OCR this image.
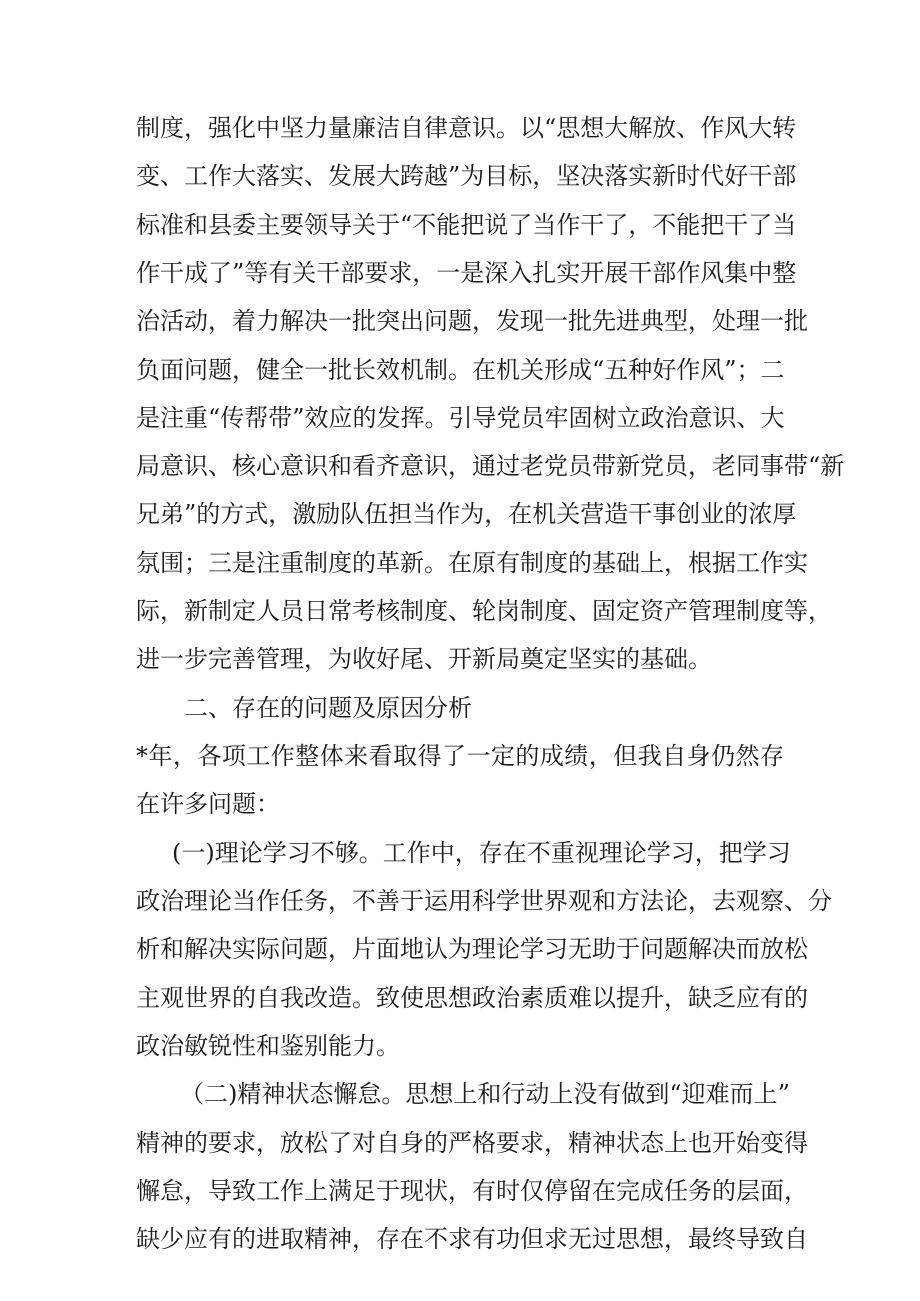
制度，强化中坚力量廉洁自律意识。以“思想大解放、作风大转
变、工作大落实、发展大跨越”为目标，坚决落实新时代好干部
标准和县委主要领导关于“不能把说了当作干了，不能把干了当
作干成了”等有关干部要求，一是深入扎实开展干部作风集中整
治活动，着力解决一批突出问题，发现一批先进典型，处理一批
负面问题，健全一批长效机制。在机关形成“五种好作风”；二
是注重“传帮带”效应的发挥。引导党员牢固树立政治意识、大
局意识、核心意识和看齐意识，通过老党员带新党员，老同事带“新
兄弟”的方式，激励队伍担当作为，在机关营造干事创业的浓厚
氛围；三是注重制度的革新。在原有制度的基础上，根据工作实
际，新制定人员日常考核制度、轮岗制度、固定资产管理制度等，
进一步完善管理，为收好尾、开新局奠定坚实的基础。
二、存在的问题及原因分析
*年，各项工作整体来看取得了一定的成绩，但我自身仍然存
在许多问题：
(一)理论学习不够。工作中，存在不重视理论学习，把学习
政治理论当作任务，不善于运用科学世界观和方法论，去观察、分
析和解决实际问题，片面地认为理论学习无助于问题解决而放松
主观世界的自我改造。致使思想政治素质难以提升，缺乏应有的
政治敏锐性和鉴别能力。
（二)精神状态懈怠。思想上和行动上没有做到“迎难而上”
精神的要求，放松了对自身的严格要求，精神状态上也开始变得
懈怠，导致工作上满足于现状，有时仅停留在完成任务的层面，
缺少应有的进取精神，存在不求有功但求无过思想，最终导致自
